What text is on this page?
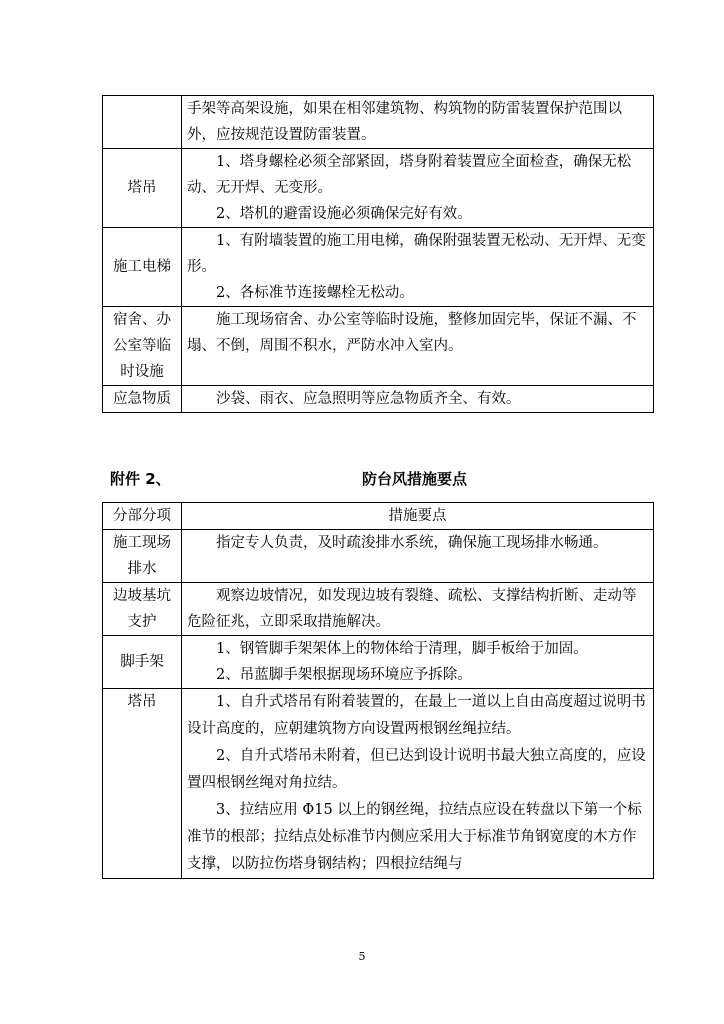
	手架等高架设施，如果在相邻建筑物、构筑物的防雷装置保护范围以外，应按规范设置防雷装置。

塔吊	1、塔身螺栓必须全部紧固，塔身附着装置应全面检查，确保无松动、无开焊、无变形。

2、塔机的避雷设施必须确保完好有效。

施工电梯	1、有附墙装置的施工用电梯，确保附强装置无松动、无开焊、无变形。

2、各标准节连接螺栓无松动。

宿舍、办公室等临时设施	施工现场宿舍、办公室等临时设施，整修加固完毕，保证不漏、不塌、不倒，周围不积水，严防水冲入室内。

应急物质	沙袋、雨衣、应急照明等应急物质齐全、有效。

附件 2、	防台风措施要点
分部分项	措施要点
施工现场排水	指定专人负责，及时疏浚排水系统，确保施工现场排水畅通。

边坡基坑支护	观察边坡情况，如发现边坡有裂缝、疏松、支撑结构折断、走动等危险征兆，立即采取措施解决。

脚手架	1、钢管脚手架架体上的物体给于清理，脚手板给于加固。

2、吊蓝脚手架根据现场环境应予拆除。

塔吊	1、自升式塔吊有附着装置的，在最上一道以上自由高度超过说明书设计高度的，应朝建筑物方向设置两根钢丝绳拉结。

2、自升式塔吊未附着，但已达到设计说明书最大独立高度的，应设置四根钢丝绳对角拉结。

3、拉结应用 Φ15 以上的钢丝绳，拉结点应设在转盘以下第一个标准节的根部；拉结点处标准节内侧应采用大于标准节角钢宽度的木方作支撑，以防拉伤塔身钢结构；四根拉结绳与

5
